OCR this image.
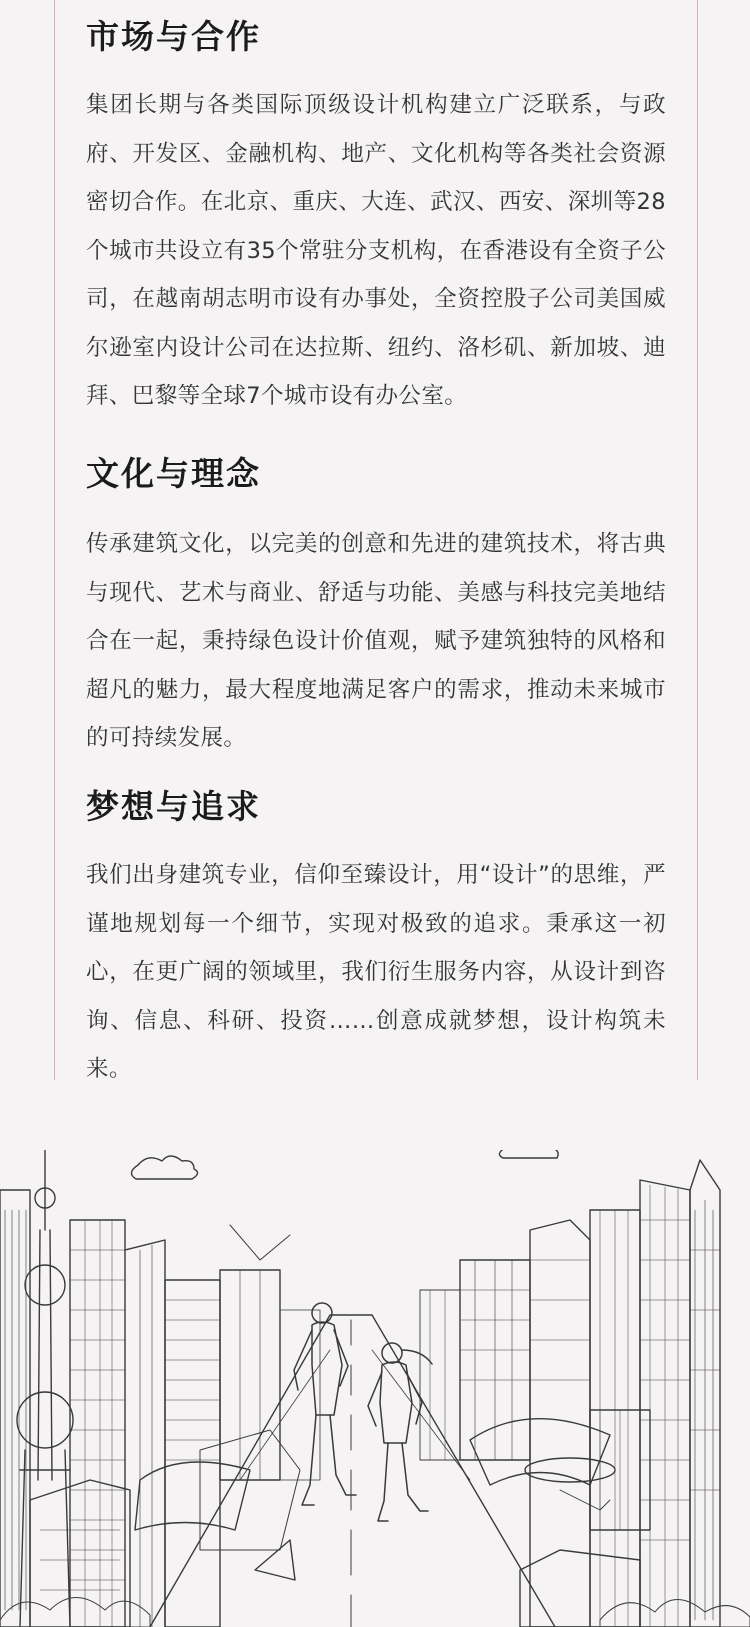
市场与合作

集团长期与各类国际顶级设计机构建立广泛联系，与政府、开发区、金融机构、地产、文化机构等各类社会资源密切合作。在北京、重庆、大连、武汉、西安、深圳等28个城市共设立有35个常驻分支机构，在香港设有全资子公司，在越南胡志明市设有办事处，全资控股子公司美国威尔逊室内设计公司在达拉斯、纽约、洛杉矶、新加坡、迪拜、巴黎等全球7个城市设有办公室。

文化与理念

传承建筑文化，以完美的创意和先进的建筑技术，将古典与现代、艺术与商业、舒适与功能、美感与科技完美地结合在一起，秉持绿色设计价值观，赋予建筑独特的风格和超凡的魅力，最大程度地满足客户的需求，推动未来城市的可持续发展。

梦想与追求

我们出身建筑专业，信仰至臻设计，用“设计”的思维，严谨地规划每一个细节，实现对极致的追求。秉承这一初心，在更广阔的领域里，我们衍生服务内容，从设计到咨询、信息、科研、投资……创意成就梦想，设计构筑未来。
